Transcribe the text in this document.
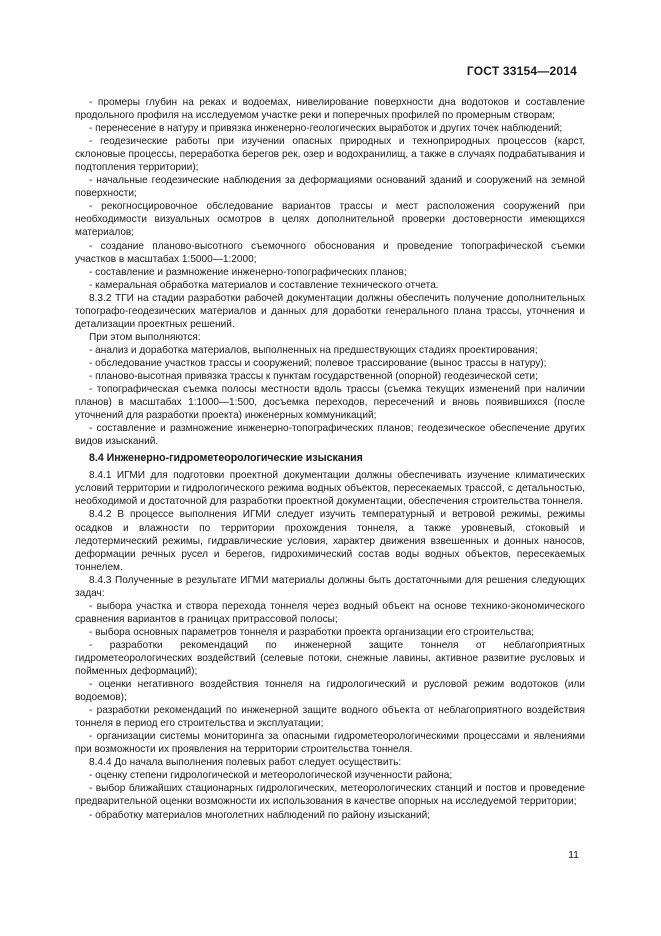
ГОСТ 33154—2014

- промеры глубин на реках и водоемах, нивелирование поверхности дна водотоков и составление продольного профиля на исследуемом участке реки и поперечных профилей по промерным створам;

- перенесение в натуру и привязка инженерно-геологических выработок и других точек наблюдений;

- геодезические работы при изучении опасных природных и техноприродных процессов (карст, склоновые процессы, переработка берегов рек, озер и водохранилищ, а также в случаях подрабатывания и подтопления территории);

- начальные геодезические наблюдения за деформациями оснований зданий и сооружений на земной поверхности;

- рекогносцировочное обследование вариантов трассы и мест расположения сооружений при необходимости визуальных осмотров в целях дополнительной проверки достоверности имеющихся материалов;

- создание планово-высотного съемочного обоснования и проведение топографической съемки участков в масштабах 1:5000—1:2000;

- составление и размножение инженерно-топографических планов;

- камеральная обработка материалов и составление технического отчета.

8.3.2 ТГИ на стадии разработки рабочей документации должны обеспечить получение дополнительных топографо-геодезических материалов и данных для доработки генерального плана трассы, уточнения и детализации проектных решений.

При этом выполняются:

- анализ и доработка материалов, выполненных на предшествующих стадиях проектирования;

- обследование участков трассы и сооружений; полевое трассирование (вынос трассы в натуру);

- планово-высотная привязка трассы к пунктам государственной (опорной) геодезической сети;

- топографическая съемка полосы местности вдоль трассы (съемка текущих изменений при наличии планов) в масштабах 1:1000—1:500, досъемка переходов, пересечений и вновь появившихся (после уточнений для разработки проекта) инженерных коммуникаций;

- составление и размножение инженерно-топографических планов; геодезическое обеспечение других видов изысканий.

8.4 Инженерно-гидрометеорологические изыскания

8.4.1 ИГМИ для подготовки проектной документации должны обеспечивать изучение климатических условий территории и гидрологического режима водных объектов, пересекаемых трассой, с детальностью, необходимой и достаточной для разработки проектной документации, обеспечения строительства тоннеля.

8.4.2 В процессе выполнения ИГМИ следует изучить температурный и ветровой режимы, режимы осадков и влажности по территории прохождения тоннеля, а также уровневый, стоковый и ледотермический режимы, гидравлические условия, характер движения взвешенных и донных наносов, деформации речных русел и берегов, гидрохимический состав воды водных объектов, пересекаемых тоннелем.

8.4.3 Полученные в результате ИГМИ материалы должны быть достаточными для решения следующих задач:

- выбора участка и створа перехода тоннеля через водный объект на основе технико-экономического сравнения вариантов в границах притрассовой полосы;

- выбора основных параметров тоннеля и разработки проекта организации его строительства;

- разработки рекомендаций по инженерной защите тоннеля от неблагоприятных гидрометеорологических воздействий (селевые потоки, снежные лавины, активное развитие русловых и пойменных деформаций);

- оценки негативного воздействия тоннеля на гидрологический и русловой режим водотоков (или водоемов);

- разработки рекомендаций по инженерной защите водного объекта от неблагоприятного воздействия тоннеля в период его строительства и эксплуатации;

- организации системы мониторинга за опасными гидрометеорологическими процессами и явлениями при возможности их проявления на территории строительства тоннеля.

8.4.4 До начала выполнения полевых работ следует осуществить:

- оценку степени гидрологической и метеорологической изученности района;

- выбор ближайших стационарных гидрологических, метеорологических станций и постов и проведение предварительной оценки возможности их использования в качестве опорных на исследуемой территории;

- обработку материалов многолетних наблюдений по району изысканий;

11
